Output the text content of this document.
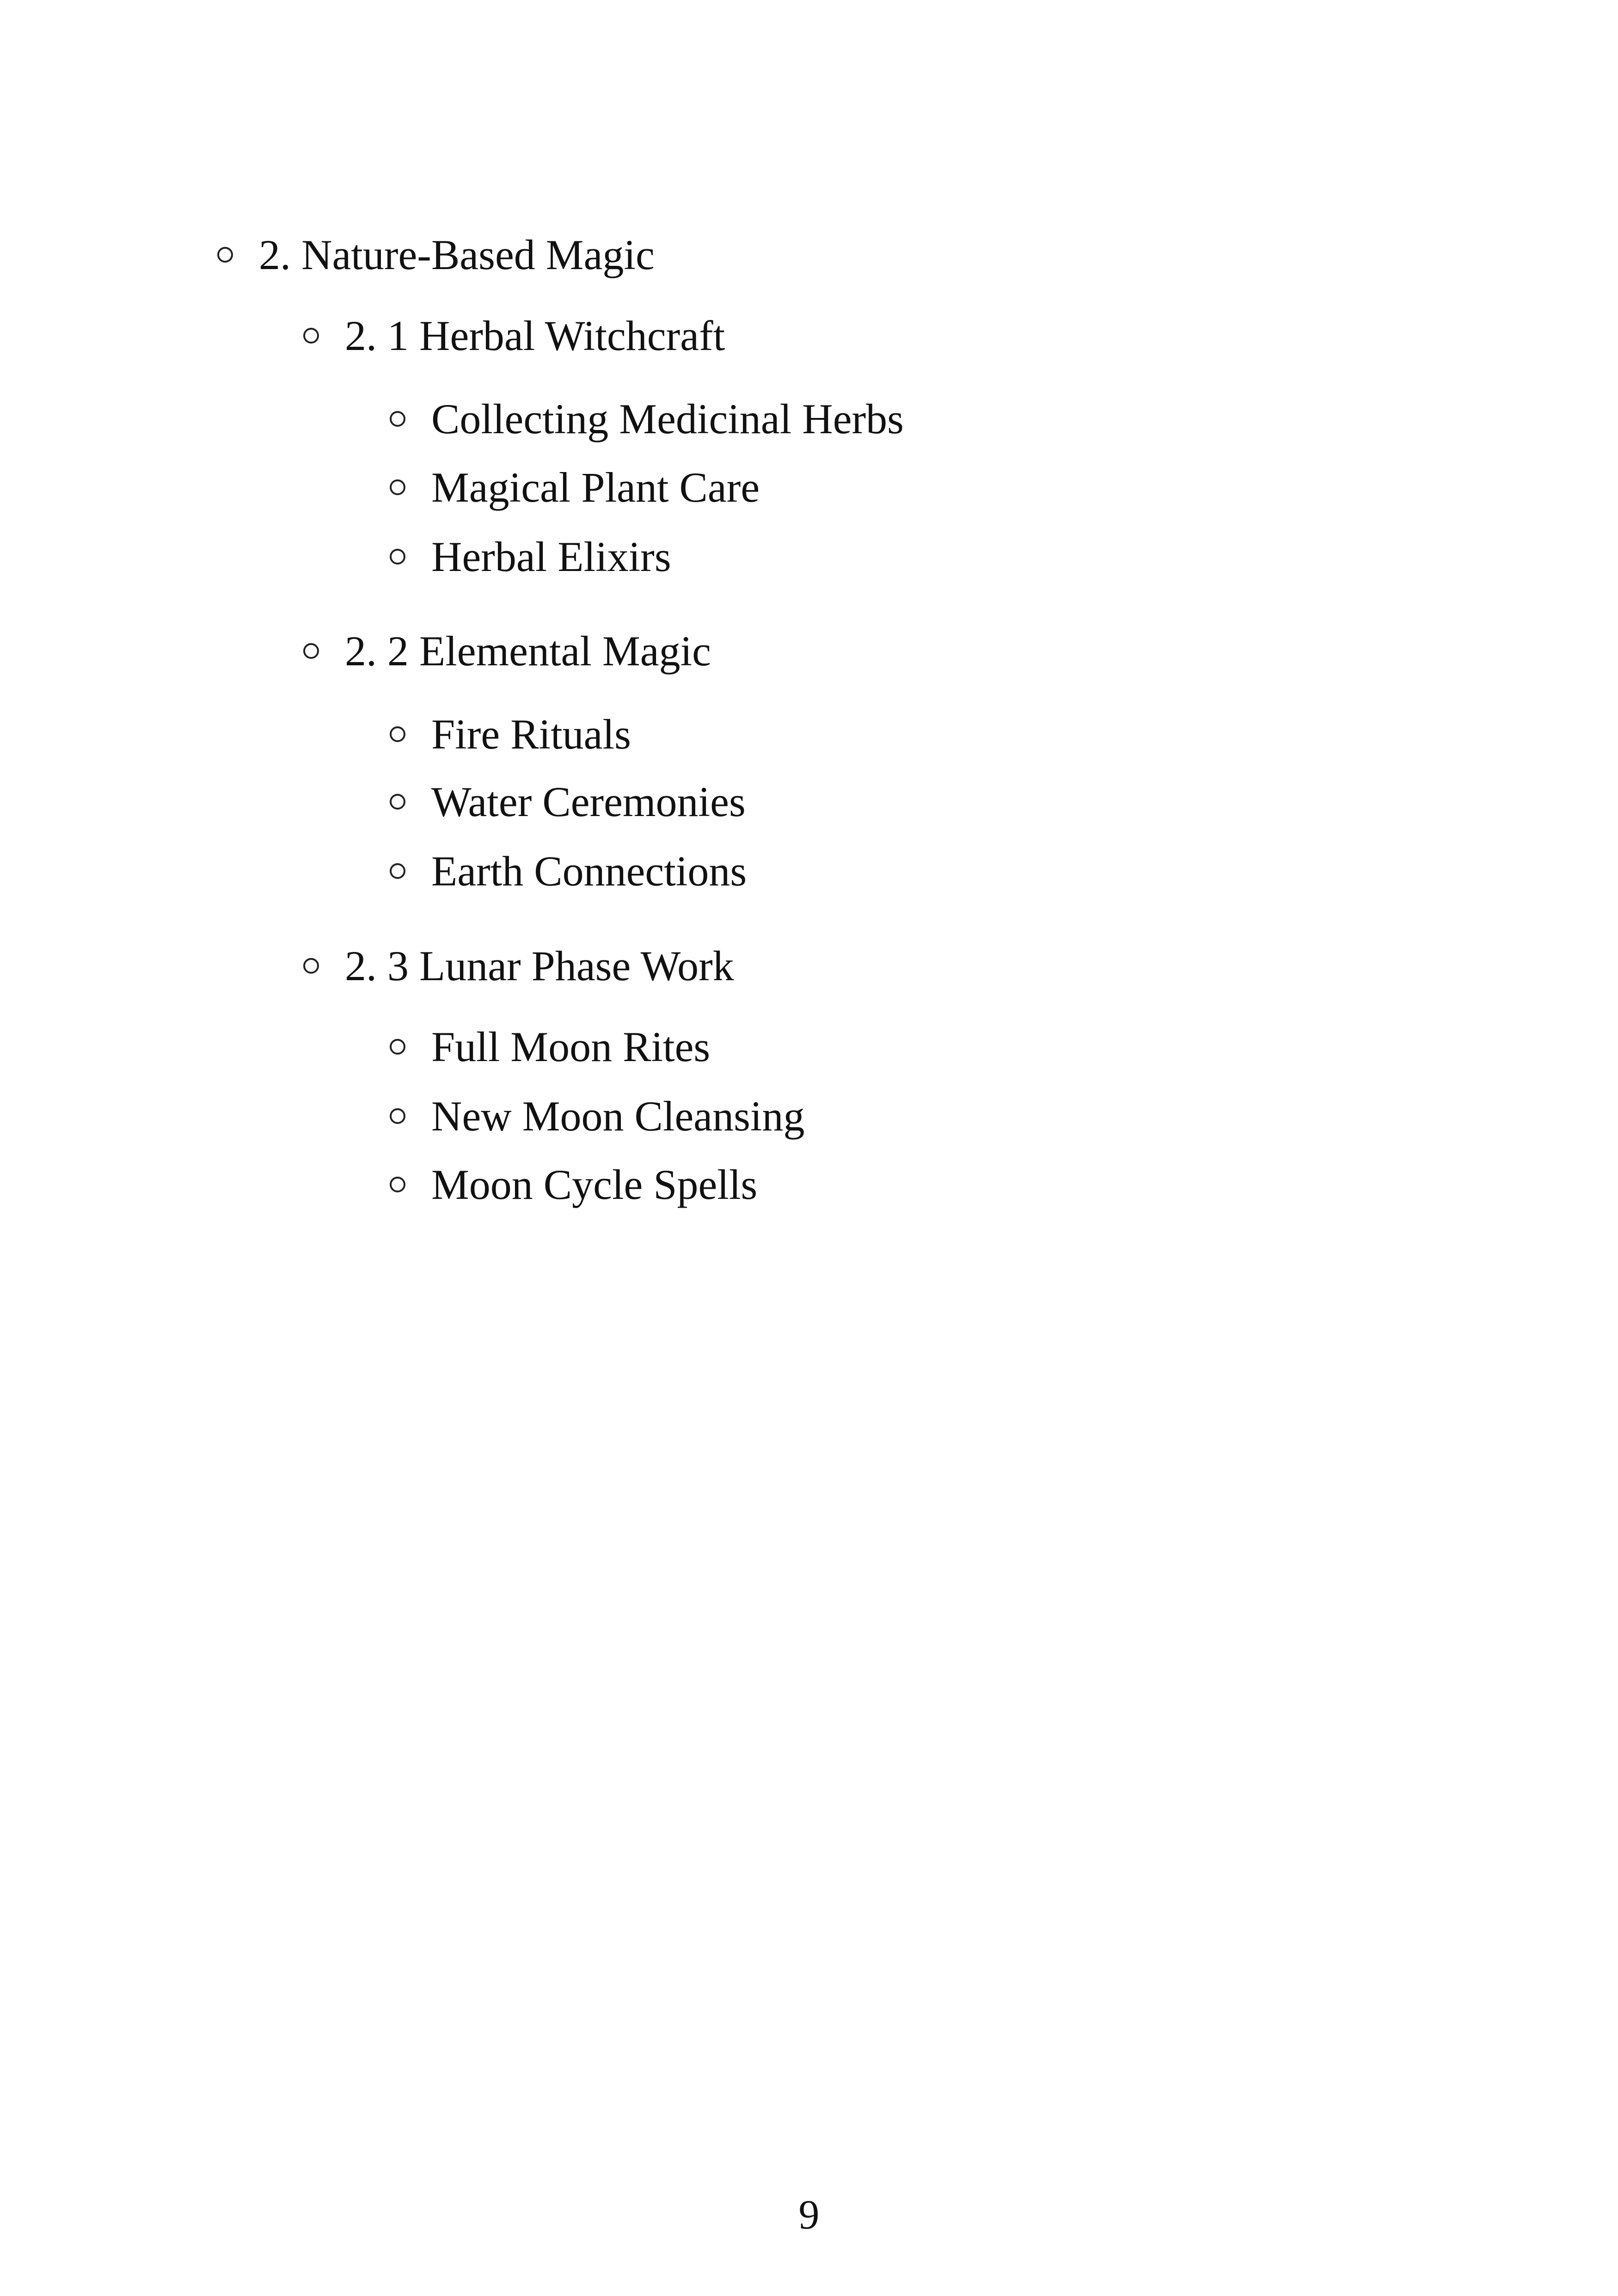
2. Nature-Based Magic
2. 1 Herbal Witchcraft
Collecting Medicinal Herbs
Magical Plant Care
Herbal Elixirs
2. 2 Elemental Magic
Fire Rituals
Water Ceremonies
Earth Connections
2. 3 Lunar Phase Work
Full Moon Rites
New Moon Cleansing
Moon Cycle Spells
9
